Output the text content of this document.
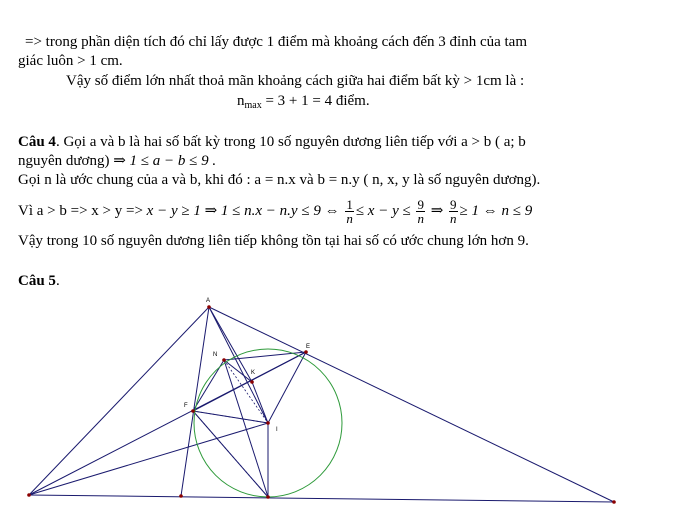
=> trong phần diện tích đó chỉ lấy được 1 điểm mà khoảng cách đến 3 đỉnh của tam
giác luôn > 1 cm.
Vậy số điểm lớn nhất thoả mãn khoảng cách giữa hai điểm bất kỳ > 1cm là :
$n_{max} = 3 + 1 = 4$ điểm.
Câu 4. Gọi a và b là hai số bất kỳ trong 10 số nguyên dương liên tiếp với a > b ( a; b
nguyên dương) ⇒ 1 ≤ a − b ≤ 9 .
Gọi n là ước chung của a và b, khi đó : a = n.x và b = n.y ( n, x, y là số nguyên dương).
Vì a > b => x > y => x − y ≥ 1 ⇒ 1 ≤ n.x − n.y ≤ 9 ⇔ $\frac{1}{n} \le x - y \le \frac{9}{n}$ ⇒ $\frac{9}{n} \ge 1$ ⇔ n ≤ 9
Vậy trong 10 số nguyên dương liên tiếp không tồn tại hai số có ước chung lớn hơn 9.
Câu 5.
A
N
K
E
F
I
